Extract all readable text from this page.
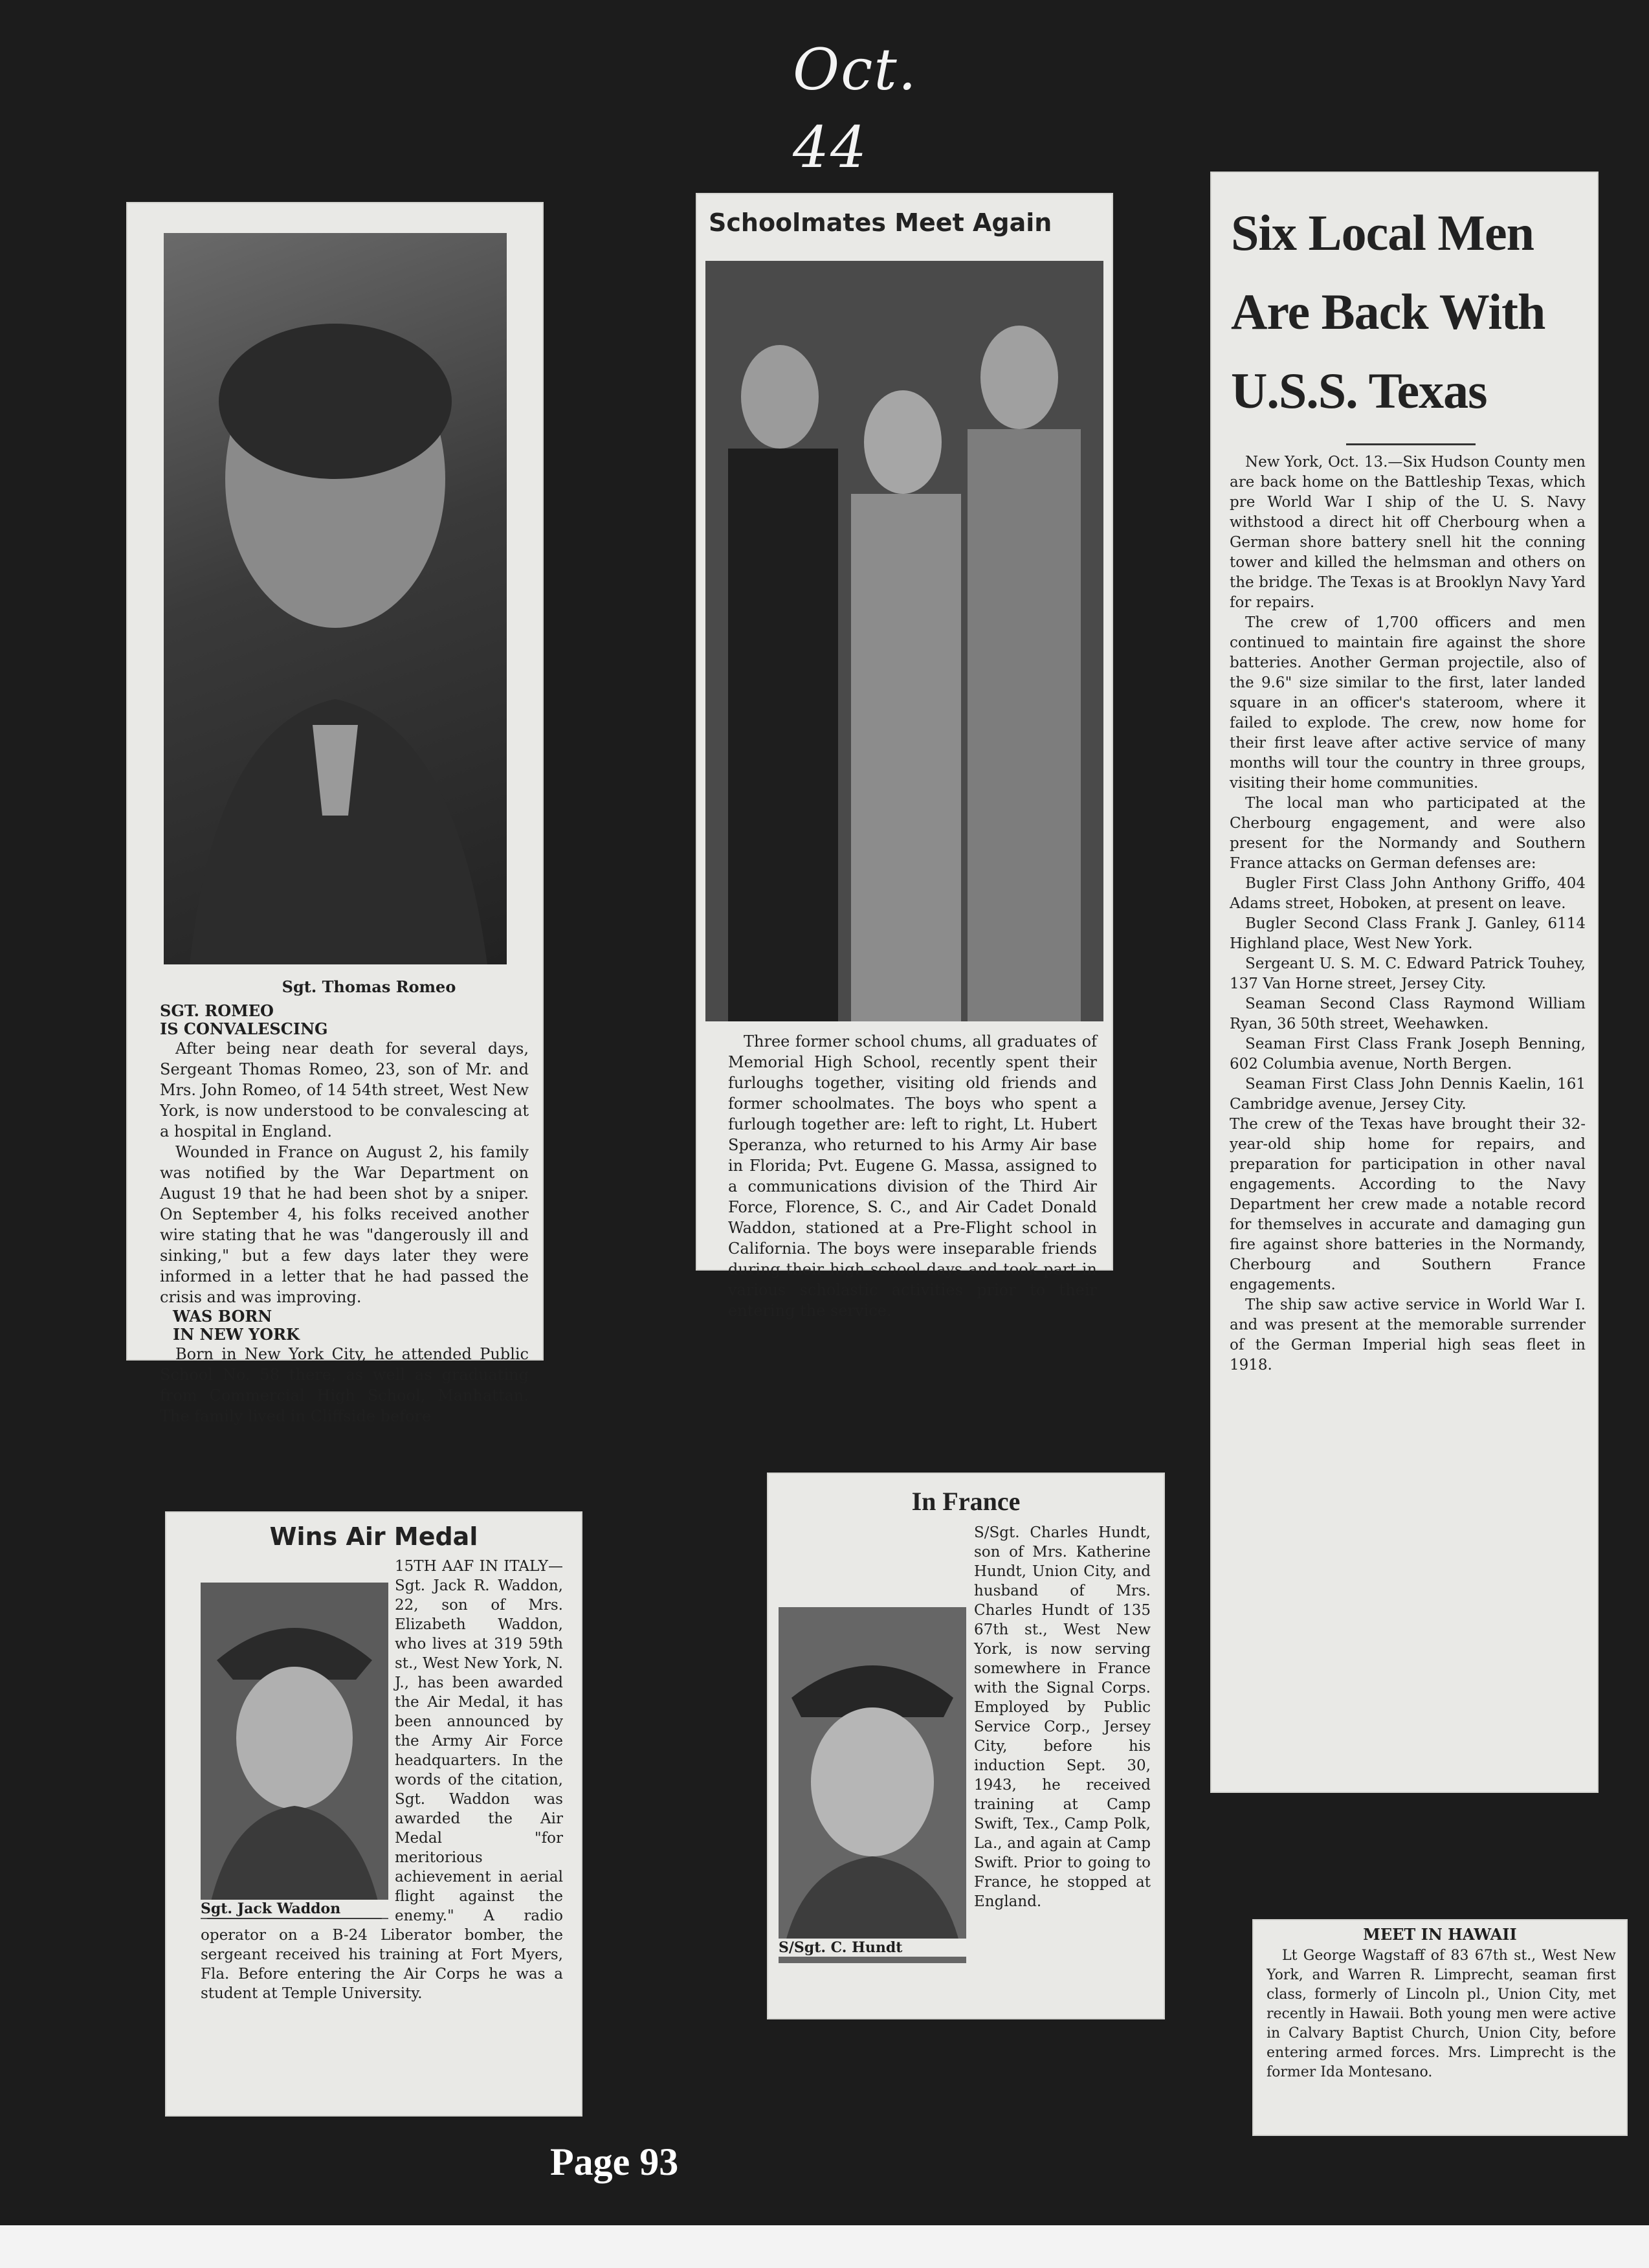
Oct. 44
Sgt. Thomas Romeo
SGT. ROMEO
IS CONVALESCING

After being near death for several days, Sergeant Thomas Romeo, 23, son of Mr. and Mrs. John Romeo, of 14 54th street, West New York, is now understood to be convalescing at a hospital in England.

Wounded in France on August 2, his family was notified by the War Department on August 19 that he had been shot by a sniper. On September 4, his folks received another wire stating that he was "dangerously ill and sinking," but a few days later they were informed in a letter that he had passed the crisis and was improving.

WAS BORN
IN NEW YORK

Born in New York City, he attended Public School No. 58 there, as well as graduating from Commercial High School, Manhattan. The family lived in Cliffside before

Schoolmates Meet Again

Three former school chums, all graduates of Memorial High School, recently spent their furloughs together, visiting old friends and former schoolmates. The boys who spent a furlough together are: left to right, Lt. Hubert Speranza, who returned to his Army Air base in Florida; Pvt. Eugene G. Massa, assigned to a communications division of the Third Air Force, Florence, S. C., and Air Cadet Donald Waddon, stationed at a Pre-Flight school in California. The boys were inseparable friends during their high school days and took part in various scholastic activities prior to their entering the service.

Six Local Men
Are Back With
U.S.S. Texas

New York, Oct. 13.—Six Hudson County men are back home on the Battleship Texas, which pre World War I ship of the U. S. Navy withstood a direct hit off Cherbourg when a German shore battery snell hit the conning tower and killed the helmsman and others on the bridge. The Texas is at Brooklyn Navy Yard for repairs.

The crew of 1,700 officers and men continued to maintain fire against the shore batteries. Another German projectile, also of the 9.6" size similar to the first, later landed square in an officer's stateroom, where it failed to explode. The crew, now home for their first leave after active service of many months will tour the country in three groups, visiting their home communities.

The local man who participated at the Cherbourg engagement, and were also present for the Normandy and Southern France attacks on German defenses are:

Bugler First Class John Anthony Griffo, 404 Adams street, Hoboken, at present on leave.

Bugler Second Class Frank J. Ganley, 6114 Highland place, West New York.

Sergeant U. S. M. C. Edward Patrick Touhey, 137 Van Horne street, Jersey City.

Seaman Second Class Raymond William Ryan, 36 50th street, Weehawken.

Seaman First Class Frank Joseph Benning, 602 Columbia avenue, North Bergen.

Seaman First Class John Dennis Kaelin, 161 Cambridge avenue, Jersey City.

The crew of the Texas have brought their 32-year-old ship home for repairs, and preparation for participation in other naval engagements. According to the Navy Department her crew made a notable record for themselves in accurate and damaging gun fire against shore batteries in the Normandy, Cherbourg and Southern France engagements.

The ship saw active service in World War I. and was present at the memorable surrender of the German Imperial high seas fleet in 1918.

Wins Air Medal
Sgt. Jack Waddon

15TH AAF IN ITALY—Sgt. Jack R. Waddon, 22, son of Mrs. Elizabeth Waddon, who lives at 319 59th st., West New York, N. J., has been awarded the Air Medal, it has been announced by the Army Air Force headquarters. In the words of the citation, Sgt. Waddon was awarded the Air Medal "for meritorious achievement in aerial flight against the enemy." A radio operator on a B-24 Liberator bomber, the sergeant received his training at Fort Myers, Fla. Before entering the Air Corps he was a student at Temple University.

In France
S/Sgt. C. Hundt

S/Sgt. Charles Hundt, son of Mrs. Katherine Hundt, Union City, and husband of Mrs. Charles Hundt of 135 67th st., West New York, is now serving somewhere in France with the Signal Corps. Employed by Public Service Corp., Jersey City, before his induction Sept. 30, 1943, he received training at Camp Swift, Tex., Camp Polk, La., and again at Camp Swift. Prior to going to France, he stopped at England.

MEET IN HAWAII

Lt George Wagstaff of 83 67th st., West New York, and Warren R. Limprecht, seaman first class, formerly of Lincoln pl., Union City, met recently in Hawaii. Both young men were active in Calvary Baptist Church, Union City, before entering armed forces. Mrs. Limprecht is the former Ida Montesano.

Page 93
